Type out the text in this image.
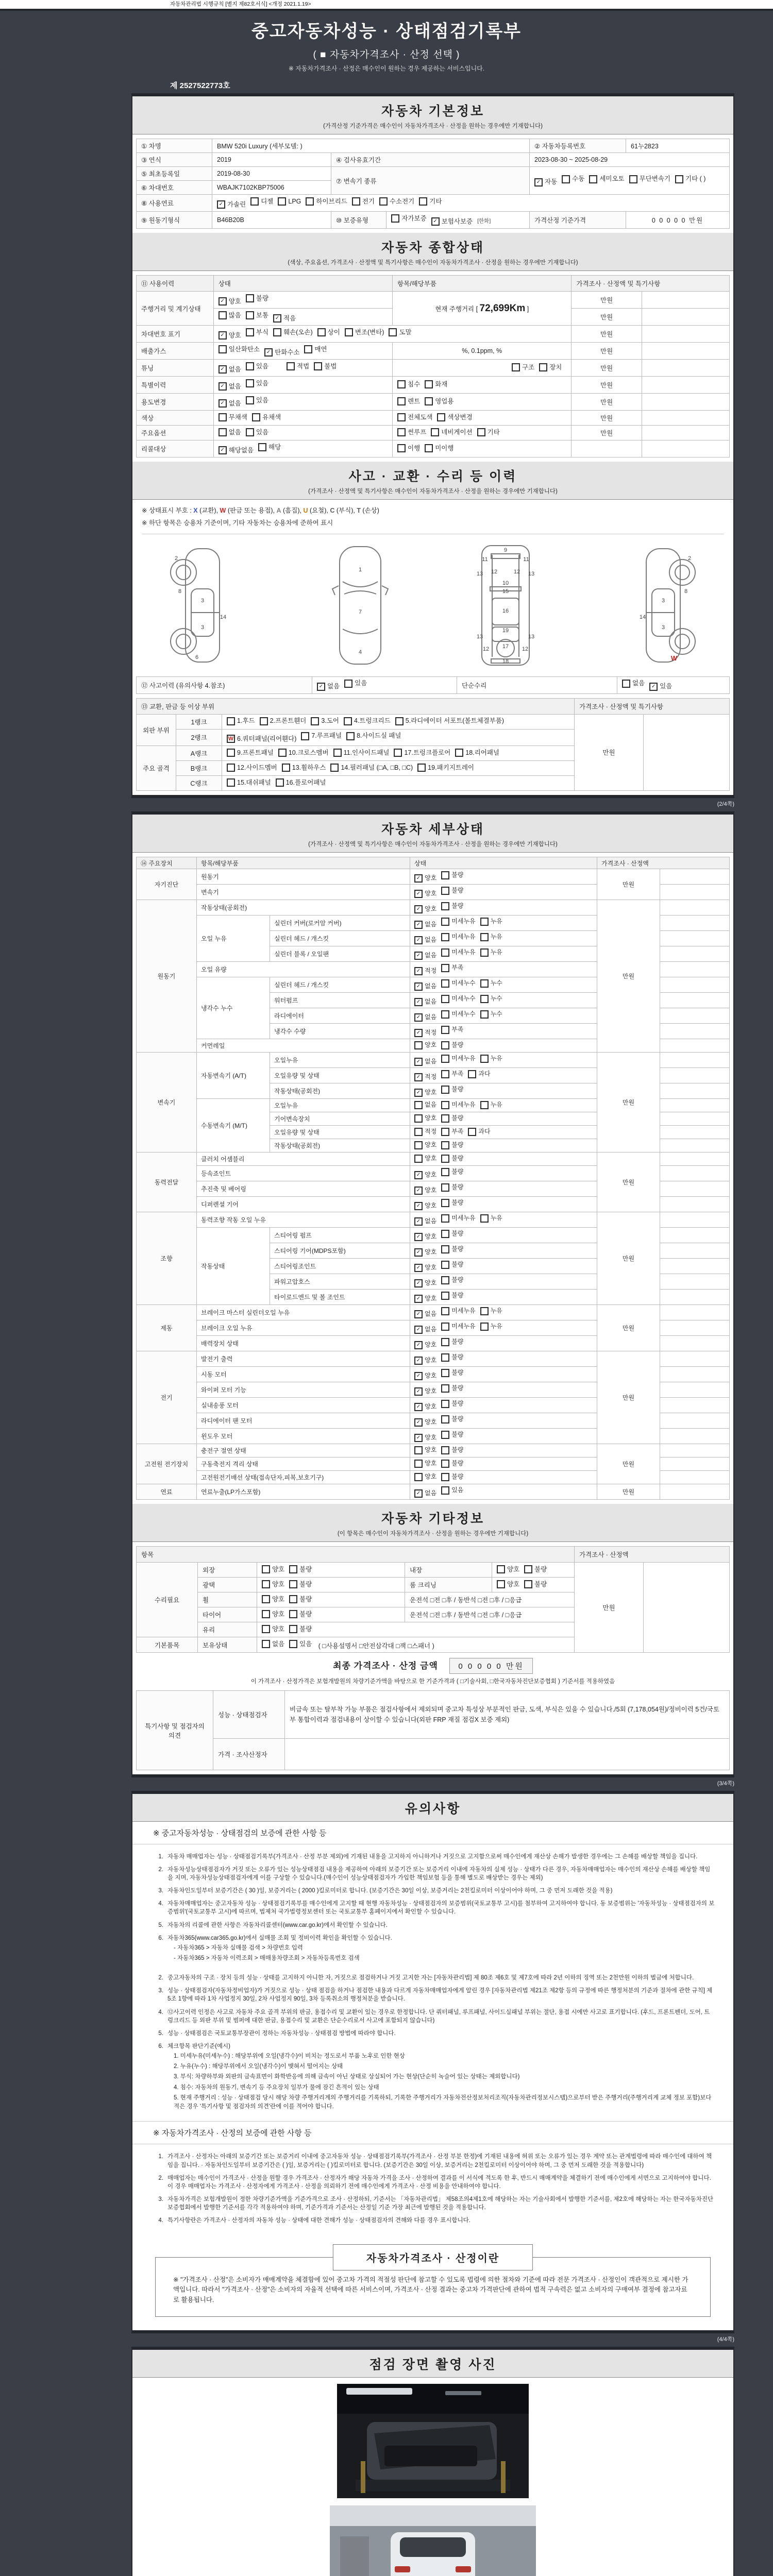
자동차관리법 시행규칙 [별지 제82호서식] <개정 2021.1.19>
중고자동차성능 · 상태점검기록부
( ■ 자동차가격조사 · 산정 선택 )
※ 자동차가격조사 · 산정은 매수인이 원하는 경우 제공하는 서비스입니다.
제 2527522773호
자동차 기본정보
(가격산정 기준가격은 매수인이 자동차가격조사 · 산정을 원하는 경우에만 기재합니다)
① 차명	BMW 520i Luxury (세부모델: )			② 자동차등록번호	61누2823
③ 연식	2019	④ 검사유효기간		2023-08-30 ~ 2025-08-29	
⑤ 최초등록일	2019-08-30	⑦ 변속기 종류	✓ 자동 수동 세미오토 무단변속기 기타 ( )

⑥ 차대번호	WBAJK7102KBP75006				
⑧ 사용연료	✓ 가솔린 디젤 LPG 하이브리드 전기 수소전기 기타

⑨ 원동기형식	B46B20B	⑩ 보증유형	자가보증 ✓ 보험사보증 [한화]	가격산정 기준가격	0 0 0 0 0 만원
자동차 종합상태
(색상, 주요옵션, 가격조사 · 산정액 및 특기사항은 매수인이 자동차가격조사 · 산정을 원하는 경우에만 기재합니다)
⑪ 사용이력	상태	항목/해당부품	가격조사 · 산정액 및 특기사항	
주행거리 및 계기상태	✓ 양호 불량	현재 주행거리 [ 72,699Km ]	만원	

	많음 보통 ✓ 적음		만원	
차대번호 표기	✓ 양호 부식 훼손(오손) 상이 변조(변타) 도말	만원	
배출가스	일산화탄소 ✓ 탄화수소 매연	%, 0.1ppm, %	만원	
튜닝	✓ 없음 있음 적법 불법	구조 장치	만원	
특별이력	✓ 없음 있음	침수 화재	만원	
용도변경	✓ 없음 있음	렌트 영업용	만원	
색상	무채색 유채색	전체도색 색상변경	만원	
주요옵션	없음 있음	썬루프 네비게이션 기타	만원	
리콜대상	✓ 해당없음 해당	이행 미이행		

사고 · 교환 · 수리 등 이력
(가격조사 · 산정액 및 특기사항은 매수인이 자동차가격조사 · 산정을 원하는 경우에만 기재합니다)
※ 상태표시 부호 : X (교환), W (판금 또는 용접), A (흠집), U (요철), C (부식), T (손상)
※ 하단 항목은 승용차 기준이며, 기타 자동차는 승용차에 준하여 표시
2
8
3
14
3
6
1
7
4
9
11	11
13	13
12	12
10
15
16
19
13	13
12	12
17
18
2
8
3
14
3
W
⑫ 사고이력 (유의사항 4.참조)	✓ 없음 있음	단순수리	없음	✓ 있음
⑬ 교환, 판금 등 이상 부위			가격조사 · 산정액 및 특기사항	
외판 부위	1랭크	1.후드 2.프론트휀더 3.도어 4.트렁크리드 5.라디에이터 서포트(볼트체결부품)	만원	
	2랭크	W 6.쿼터패널(리어휀다) 7.루프패널 8.사이드실 패널		

주요 골격	A랭크	9.프론트패널 10.크로스멤버 11.인사이드패널 17.트렁크플로어 18.리어패널		

	B랭크	12.사이드멤버 13.휠하우스 14.필러패널 (□A, □B, □C) 19.패키지트레이		

	C랭크	15.대쉬패널 16.플로어패널		
(2/4쪽)
자동차 세부상태
(가격조사 · 산정액 및 특기사항은 매수인이 자동차가격조사 · 산정을 원하는 경우에만 기재합니다)
⑭ 주요장치	항목/해당부품		상태	가격조사 · 산정액	
자기진단	원동기		✓ 양호 불량	만원	
	변속기		✓ 양호 불량		

원동기	작동상태(공회전)		✓ 양호 불량	만원	
	오일 누유	실린더 커버(로커암 커버)	✓ 없음 미세누유 누유		

		실린더 헤드 / 개스킷	✓ 없음 미세누유 누유		

		실린더 블록 / 오일팬	✓ 없음 미세누유 누유		

	오일 유량		✓ 적정 부족		

	냉각수 누수	실린더 헤드 / 개스킷	✓ 없음 미세누수 누수		

		워터펌프	✓ 없음 미세누수 누수		

		라디에이터	✓ 없음 미세누수 누수		

		냉각수 수량	✓ 적정 부족		

	커먼레일		양호 불량		

변속기	자동변속기 (A/T)	오일누유	✓ 없음 미세누유 누유	만원	
		오일유량 및 상태	✓ 적정 부족 과다		

		작동상태(공회전)	✓ 양호 불량		

	수동변속기 (M/T)	오일누유	없음 미세누유 누유		

		기어변속장치	양호 불량		

		오일유량 및 상태	적정 부족 과다		

		작동상태(공회전)	양호 불량		

동력전달	클러치 어셈블리		양호 불량	만원	
	등속죠인트		✓ 양호 불량		

	추진축 및 베어링		✓ 양호 불량		

	디퍼렌셜 기어		✓ 양호 불량		

조향	동력조향 작동 오일 누유		✓ 없음 미세누유 누유	만원	
	작동상태	스티어링 펌프	✓ 양호 불량		

		스티어링 기어(MDPS포함)	✓ 양호 불량		

		스티어링조인트	✓ 양호 불량		

		파워고압호스	✓ 양호 불량		

		타이로드엔드 및 볼 조인트	✓ 양호 불량		

제동	브레이크 마스터 실린더오일 누유		✓ 없음 미세누유 누유	만원	
	브레이크 오일 누유		✓ 없음 미세누유 누유		

	배력장치 상태		✓ 양호 불량		

전기	발전기 출력		✓ 양호 불량	만원	
	시동 모터		✓ 양호 불량		

	와이퍼 모터 기능		✓ 양호 불량		

	실내송풍 모터		✓ 양호 불량		

	라디에이터 팬 모터		✓ 양호 불량		

	윈도우 모터		✓ 양호 불량		

고전원 전기장치	충전구 절연 상태		양호 불량	만원	
	구동축전지 격리 상태		양호 불량		

	고전원전기배선 상태(접속단자,피복,보호기구)		양호 불량		

연료	연료누출(LP가스포함)		✓ 없음 있음	만원	
자동차 기타정보
(이 항목은 매수인이 자동차가격조사 · 산정을 원하는 경우에만 기재합니다)
항목					가격조사 · 산정액	
수리필요	외장	양호 불량	내장	양호 불량	만원	
	광택	양호 불량	룸 크리닝	양호 불량		

	휠	양호 불량	운전석 □전 □후 / 동반석 □전 □후 / □응급			
	타이어	양호 불량	운전석 □전 □후 / 동반석 □전 □후 / □응급			
	유리	양호 불량				

기본품목	보유상태	없음 있음 ( □사용설명서 □안전삼각대 □잭 □스패너 )				
최종 가격조사 · 산정 금액	0 0 0 0 0 만원
이 가격조사 · 산정가격은 보험개발원의 차량기준가액을 바탕으로 한 기준가격과 ( □기술사회, □한국자동차진단보증협회 ) 기준서를 적용하였음
특기사항 및 점검자의 의견	성능 · 상태점검자	비금속 또는 탈부착 가능 부품은 점검사항에서 제외되며 중고차 특성상 부분적인 판금, 도색, 부식은 있을 수 있습니다./5회 (7,178,054원)/정비이력 5건/국토부 통합이력과 점검내용이 상이할 수 있습니다(외판 FRP 재질 점검X 보증 제외)
	가격 · 조사산정자	
(3/4쪽)
유의사항
※ 중고자동차성능 · 상태점검의 보증에 관한 사항 등
1. 자동차 매매업자는 성능 · 상태점검기록부(가격조사 · 산정 부분 제외)에 기재된 내용을 고지하지 아니하거나 거짓으로 고지함으로써 매수인에게 재산상 손해가 발생한 경우에는 그 손해를 배상할 책임을 집니다.
2. 자동차성능상태점검자가 거짓 또는 오류가 있는 성능상태점검 내용을 제공하여 아래의 보증기간 또는 보증거리 이내에 자동차의 실제 성능 · 상태가 다른 경우, 자동차매매업자는 매수인의 재산상 손해를 배상할 책임을 지며, 자동차성능상태점검자에게 이를 구상할 수 있습니다.(매수인이 성능상태점검자가 가입한 책임보험 등을 통해 별도로 배상받는 경우는 제외)
3. 자동차인도일부터 보증기간은 ( 30 )일, 보증거리는 ( 2000 )킬로미터로 합니다. (보증기간은 30일 이상, 보증거리는 2천킬로미터 이상이어야 하며, 그 중 먼저 도래한 것을 적용)
4. 자동차매매업자는 중고자동차 성능 · 상태점검기록부를 매수인에게 고지할 때 현행 자동차성능 · 상태점검자의 보증범위(국토교통부 고시)를 첨부하여 고지하여야 합니다. 동 보증범위는 '자동차성능 · 상태점검자의 보증범위'(국토교통부 고시)에 따르며, 법제처 국가법령정보센터 또는 국토교통부 홈페이지에서 확인할 수 있습니다.
5. 자동차의 리콜에 관한 사항은 자동차리콜센터(www.car.go.kr)에서 확인할 수 있습니다.
6. 자동차365(www.car365.go.kr)에서 실매물 조회 및 정비이력 확인을 확인할 수 있습니다.
- 자동차365 > 자동차 실매물 검색 > 차량번호 입력
- 자동차365 > 자동차 이력조회 > 매매용차량조회 > 자동차등록번호 검색
2. 중고자동차의 구조 · 장치 등의 성능 · 상태를 고지하지 아니한 자, 거짓으로 점검하거나 거짓 고지한 자는 [자동차관리법] 제 80조 제6호 및 제7호에 따라 2년 이하의 징역 또는 2천만원 이하의 벌금에 처합니다.
3. 성능 · 상태점검자(자동차정비업자)가 거짓으로 성능 · 상태 점검을 하거나 점검한 내용과 다르게 자동차매매업자에게 알린 경우 [자동차관리법 제21조 제2항 등의 규정에 따른 행정처분의 기준과 절차에 관한 규칙] 제5조 1항에 따라 1차 사업정지 30일, 2차 사업정지 90일, 3차 등록취소의 행정처분을 받습니다.
4. ⑫사고이력 인정은 사고로 자동차 주요 골격 부위의 판금, 용접수리 및 교환이 있는 경우로 한정합니다. 단 쿼터패널, 루프패널, 사이드실패널 부위는 절단, 용접 시에만 사고로 표기합니다. (후드, 프론트펜더, 도어, 트렁크리드 등 외판 부위 및 범퍼에 대한 판금, 용접수리 및 교환은 단순수리로서 사고에 포함되지 않습니다)
5. 성능 · 상태점검은 국토교통부장관이 정하는 자동차성능 · 상태점검 방법에 따라야 합니다.
6. 체크항목 판단기준(예시)
1. 미세누유(미세누수) : 해당부위에 오일(냉각수)이 비치는 정도로서 부품 노후로 인한 현상
2. 누유(누수) : 해당부위에서 오일(냉각수)이 맺혀서 떨어지는 상태
3. 부식: 차량하부와 외판의 금속표면이 화학반응에 의해 금속이 아닌 상태로 상실되어 가는 현상(단순히 녹슬어 있는 상태는 제외합니다)
4. 침수: 자동차의 원동기, 변속기 등 주요장치 일부가 물에 잠긴 흔적이 있는 상태
5. 현재 주행거리 : 성능 · 상태점검 당시 해당 차량 주행거리계의 주행거리를 기록하되, 기록한 주행거리가 자동차전산정보처리조직(자동차관리정보시스템)으로부터 받은 주행거리(주행거리계 교체 정보 포함)보다 적은 경우 '특기사항 및 점검자의 의견'란에 이를 적어야 합니다.
※ 자동차가격조사 · 산정의 보증에 관한 사항 등
1. 가격조사 · 산정자는 아래의 보증기간 또는 보증거리 이내에 중고자동차 성능 · 상태점검기록부(가격조사 · 산정 부분 한정)에 기재된 내용에 허위 또는 오류가 있는 경우 계약 또는 관계법령에 따라 매수인에 대하여 책임을 집니다. · 자동차인도일부터 보증기간은 ( )일, 보증거리는 ( )킬로미터로 합니다. (보증기간은 30일 이상, 보증거리는 2천킬로미터 이상이어야 하며, 그 중 먼저 도래한 것을 적용합니다)
2. 매매업자는 매수인이 가격조사 · 산정을 원할 경우 가격조사 · 산정자가 해당 자동차 가격을 조사 · 산정하여 결과를 이 서식에 적도록 한 후, 반드시 매매계약을 체결하기 전에 매수인에게 서면으로 고지하여야 합니다. 이 경우 매매업자는 가격조사 · 산정자에게 가격조사 · 산정을 의뢰하기 전에 매수인에게 가격조사 · 산정 비용을 안내하여야 합니다.
3. 자동차가격은 보험개발원이 정한 차량기준가액을 기준가격으로 조사 · 산정하되, 기준서는 「자동차관리법」 제58조의4제1호에 해당하는 자는 기술사회에서 발행한 기준서를, 제2호에 해당하는 자는 한국자동차진단보증협회에서 발행한 기준서를 각각 적용하여야 하며, 기준가격과 기준서는 산정일 기준 가장 최근에 발행된 것을 적용합니다.
4. 특기사항란은 가격조사 · 산정자의 자동차 성능 · 상태에 대한 견해가 성능 · 상태점검자의 견해와 다를 경우 표시합니다.
자동차가격조사 · 산정이란
※ "가격조사 · 산정"은 소비자가 매매계약을 체결함에 있어 중고차 가격의 적절성 판단에 참고할 수 있도록 법령에 의한 절차와 기준에 따라 전문 가격조사 · 산정인이 객관적으로 제시한 가액입니다. 따라서 "가격조사 · 산정"은 소비자의 자율적 선택에 따른 서비스이며, 가격조사 · 산정 결과는 중고차 가격판단에 관하여 법적 구속력은 없고 소비자의 구매여부 결정에 참고자료로 활용됩니다.
(4/4쪽)
점검 장면 촬영 사진
